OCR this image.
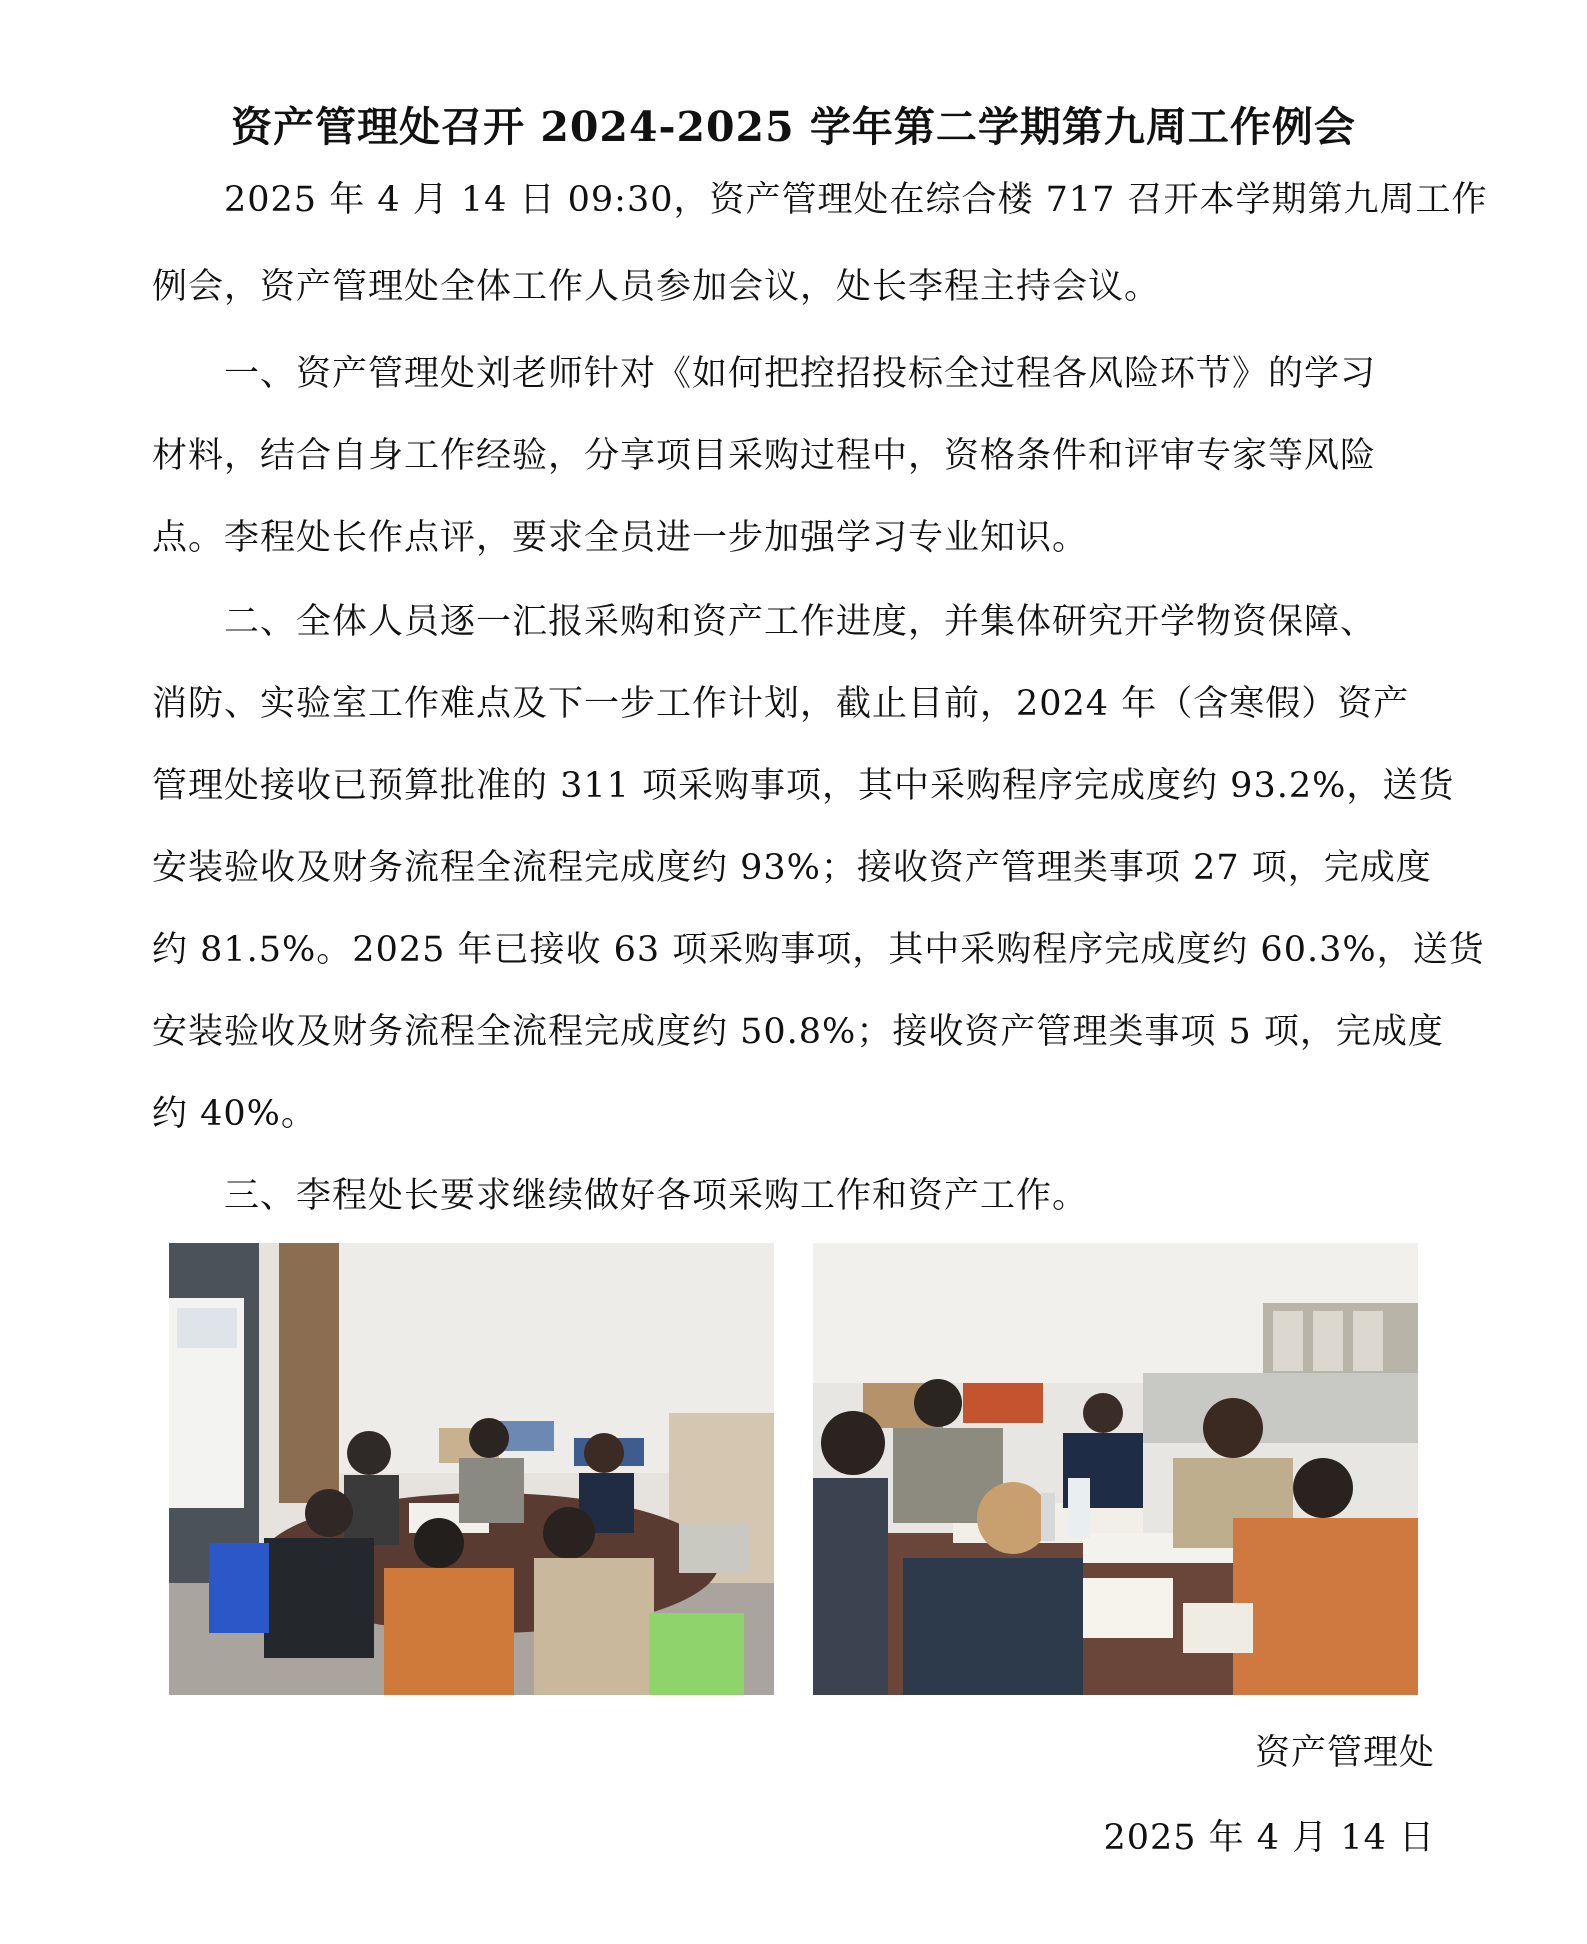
资产管理处召开 2024-2025 学年第二学期第九周工作例会
2025 年 4 月 14 日 09:30，资产管理处在综合楼 717 召开本学期第九周工作
例会，资产管理处全体工作人员参加会议，处长李程主持会议。
一、资产管理处刘老师针对《如何把控招投标全过程各风险环节》的学习
材料，结合自身工作经验，分享项目采购过程中，资格条件和评审专家等风险
点。李程处长作点评，要求全员进一步加强学习专业知识。
二、全体人员逐一汇报采购和资产工作进度，并集体研究开学物资保障、
消防、实验室工作难点及下一步工作计划，截止目前，2024 年（含寒假）资产
管理处接收已预算批准的 311 项采购事项，其中采购程序完成度约 93.2%，送货
安装验收及财务流程全流程完成度约 93%；接收资产管理类事项 27 项，完成度
约 81.5%。2025 年已接收 63 项采购事项，其中采购程序完成度约 60.3%，送货
安装验收及财务流程全流程完成度约 50.8%；接收资产管理类事项 5 项，完成度
约 40%。
三、李程处长要求继续做好各项采购工作和资产工作。
资产管理处
2025 年 4 月 14 日
